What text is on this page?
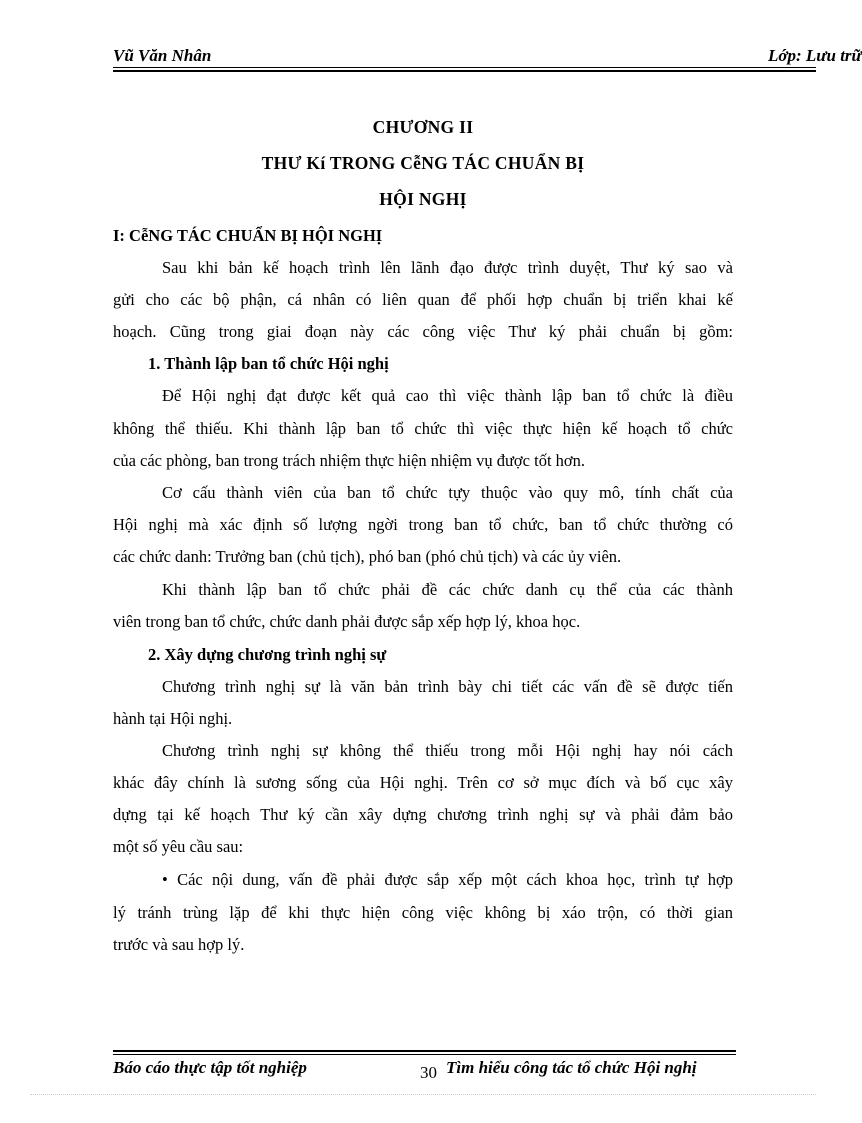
Vũ Văn Nhân	Lớp: Lưu trữ
CHƯƠNG II
THƯ Kí TRONG CễNG TÁC CHUẨN BỊ
HỘI NGHỊ
I: CễNG TÁC CHUẨN BỊ HỘI NGHỊ
Sau khi bản kế hoạch trình lên lãnh đạo được trình duyệt, Thư ký sao và
gửi cho các bộ phận, cá nhân có liên quan để phối hợp chuẩn bị triển khai kế
hoạch. Cũng trong giai đoạn này các công việc Thư ký phải chuẩn bị gồm:
1. Thành lập ban tổ chức Hội nghị
Để Hội nghị đạt được kết quả cao thì việc thành lập ban tổ chức là điều
không thể thiếu. Khi thành lập ban tổ chức thì việc thực hiện kế hoạch tổ chức
của các phòng, ban trong trách nhiệm thực hiện nhiệm vụ được tốt hơn.
Cơ cấu thành viên của ban tổ chức tựy thuộc vào quy mô, tính chất của
Hội nghị mà xác định số lượng ngời trong ban tổ chức, ban tổ chức thường có
các chức danh: Trưởng ban (chủ tịch), phó ban (phó chủ tịch) và các ủy viên.
Khi thành lập ban tổ chức phải đề các chức danh cụ thể của các thành
viên trong ban tổ chức, chức danh phải được sắp xếp hợp lý, khoa học.
2. Xây dựng chương trình nghị sự
Chương trình nghị sự là văn bản trình bày chi tiết các vấn đề sẽ được tiến
hành tại Hội nghị.
Chương trình nghị sự không thể thiếu trong mỗi Hội nghị hay nói cách
khác đây chính là sương sống của Hội nghị. Trên cơ sở mục đích và bố cục xây
dựng tại kế hoạch Thư ký cần xây dựng chương trình nghị sự và phải đảm bảo
một số yêu cầu sau:
• Các nội dung, vấn đề phải được sắp xếp một cách khoa học, trình tự hợp
lý tránh trùng lặp để khi thực hiện công việc không bị xáo trộn, có thời gian
trước và sau hợp lý.
Báo cáo thực tập tốt nghiệp	30 Tìm hiểu công tác tổ chức Hội nghị
